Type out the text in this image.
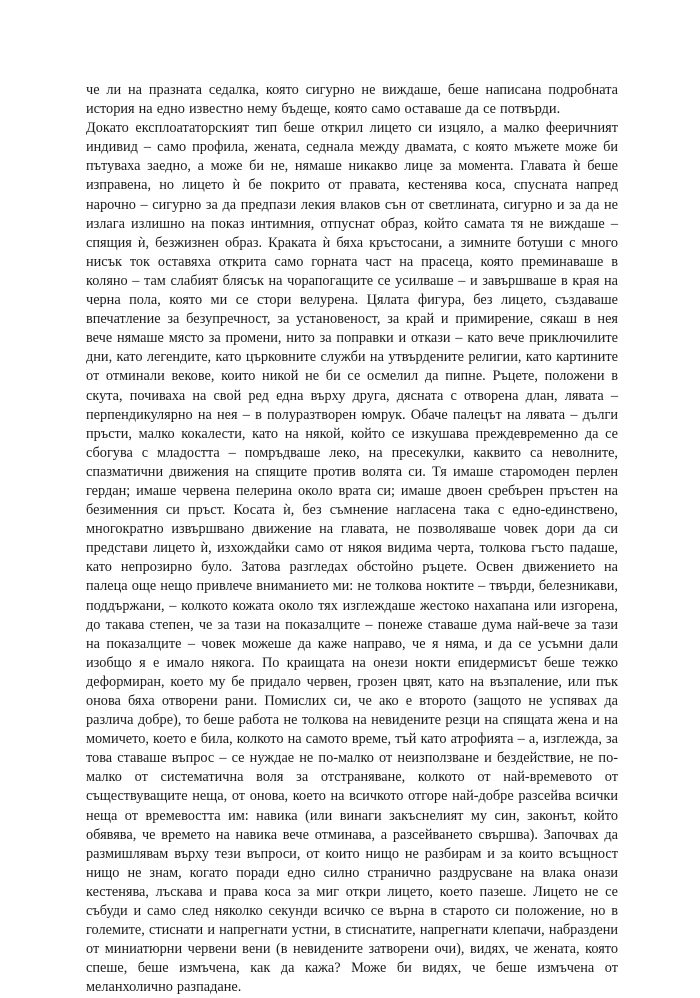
че ли на празната седалка, която сигурно не виждаше, беше написана подробната история на едно известно нему бъдеще, която само оставаше да се потвърди.

Докато експлоататорският тип беше открил лицето си изцяло, а малко фееричният индивид – само профила, жената, седнала между двамата, с която мъжете може би пътуваха заедно, а може би не, нямаше никакво лице за момента. Главата ѝ беше изправена, но лицето ѝ бе покрито от правата, кестенява коса, спусната напред нарочно – сигурно за да предпази лекия влаков сън от светлината, сигурно и за да не излага излишно на показ интимния, отпуснат образ, който самата тя не виждаше – спящия ѝ, безжизнен образ. Краката ѝ бяха кръстосани, а зимните ботуши с много нисък ток оставяха открита само горната част на прасеца, която преминаваше в коляно – там слабият блясък на чорапогащите се усилваше – и завършваше в края на черна пола, която ми се стори велурена. Цялата фигура, без лицето, създаваше впечатление за безупречност, за установеност, за край и примирение, сякаш в нея вече нямаше място за промени, нито за поправки и откази – като вече приключилите дни, като легендите, като църковните служби на утвърдените религии, като картините от отминали векове, които никой не би се осмелил да пипне. Ръцете, положени в скута, почиваха на свой ред една върху друга, дясната с отворена длан, лявата – перпендикулярно на нея – в полуразтворен юмрук. Обаче палецът на лявата – дълги пръсти, малко кокалести, като на някой, който се изкушава преждевременно да се сбогува с младостта – помръдваше леко, на пресекулки, каквито са неволните, спазматични движения на спящите против волята си. Тя имаше старомоден перлен гердан; имаше червена пелерина около врата си; имаше двоен сребърен пръстен на безименния си пръст. Косата ѝ, без съмнение нагласена така с едно-единствено, многократно извършвано движение на главата, не позволяваше човек дори да си представи лицето ѝ, изхождайки само от някоя видима черта, толкова гъсто падаше, като непрозирно було. Затова разгледах обстойно ръцете. Освен движението на палеца още нещо привлече вниманието ми: не толкова ноктите – твърди, белезникави, поддържани, – колкото кожата около тях изглеждаше жестоко нахапана или изгорена, до такава степен, че за тази на показалците – понеже ставаше дума най-вече за тази на показалците – човек можеше да каже направо, че я няма, и да се усъмни дали изобщо я е имало някога. По краищата на онези нокти епидермисът беше тежко деформиран, което му бе придало червен, грозен цвят, като на възпаление, или пък онова бяха отворени рани. Помислих си, че ако е второто (защото не успявах да различа добре), то беше работа не толкова на невидените резци на спящата жена и на момичето, което е била, колкото на самото време, тъй като атрофията – а, изглежда, за това ставаше въпрос – се нуждае не по-малко от неизползване и бездействие, не по-малко от систематична воля за отстраняване, колкото от най-времевото от съществуващите неща, от онова, което на всичкото отгоре най-добре разсейва всички неща от времевостта им: навика (или винаги закъснелият му син, законът, който обявява, че времето на навика вече отминава, а разсейването свършва). Започвах да размишлявам върху тези въпроси, от които нищо не разбирам и за които всъщност нищо не знам, когато поради едно силно странично раздрусване на влака онази кестенява, лъскава и права коса за миг откри лицето, което пазеше. Лицето не се събуди и само след няколко секунди всичко се върна в старото си положение, но в големите, стиснати и напрегнати устни, в стиснатите, напрегнати клепачи, набраздени от миниатюрни червени вени (в невидените затворени очи), видях, че жената, която спеше, беше измъчена, как да кажа? Може би видях, че беше измъчена от меланхолично разпадане.
